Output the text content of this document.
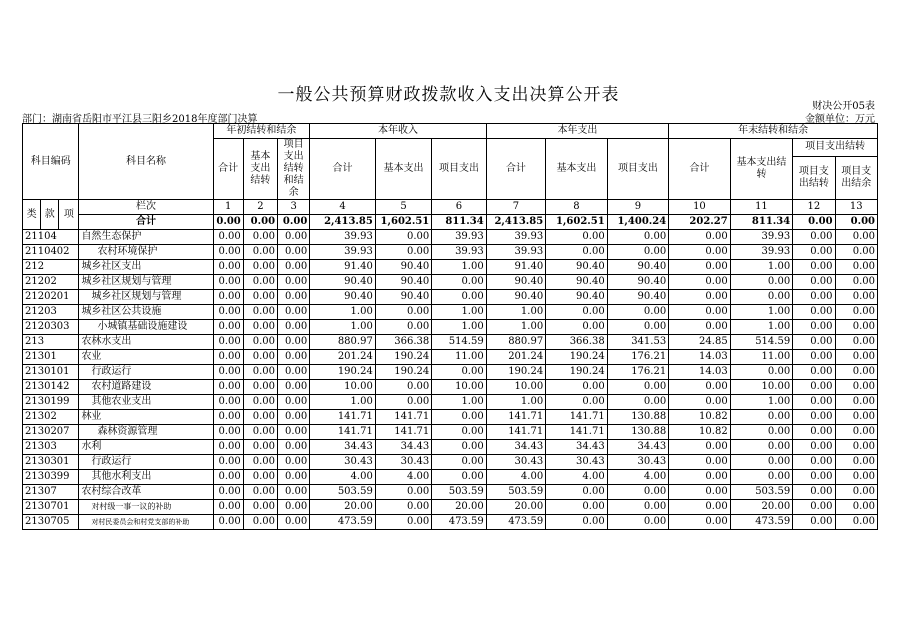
一般公共预算财政拨款收入支出决算公开表
财决公开05表
部门：湖南省岳阳市平江县三阳乡2018年度部门决算	金额单位：万元
科目编码			科目名称	年初结转和结余			本年收入			本年支出			年末结转和结余			
				合计	基本支出结转	项目支出结转和结余	合计	基本支出	项目支出	合计	基本支出	项目支出	合计	基本支出结转	项目支出结转	
															项目支出结转	项目支出结余
类	款	项	栏次	1	2	3	4	5	6	7	8	9	10	11	12	13
			合计	0.00	0.00	0.00	2,413.85	1,602.51	811.34	2,413.85	1,602.51	1,400.24	202.27	811.34	0.00	0.00
21104			自然生态保护	0.00	0.00	0.00	39.93	0.00	39.93	39.93	0.00	0.00	0.00	39.93	0.00	0.00
2110402			农村环境保护	0.00	0.00	0.00	39.93	0.00	39.93	39.93	0.00	0.00	0.00	39.93	0.00	0.00
212			城乡社区支出	0.00	0.00	0.00	91.40	90.40	1.00	91.40	90.40	90.40	0.00	1.00	0.00	0.00
21202			城乡社区规划与管理	0.00	0.00	0.00	90.40	90.40	0.00	90.40	90.40	90.40	0.00	0.00	0.00	0.00
2120201			城乡社区规划与管理	0.00	0.00	0.00	90.40	90.40	0.00	90.40	90.40	90.40	0.00	0.00	0.00	0.00
21203			城乡社区公共设施	0.00	0.00	0.00	1.00	0.00	1.00	1.00	0.00	0.00	0.00	1.00	0.00	0.00
2120303			小城镇基础设施建设	0.00	0.00	0.00	1.00	0.00	1.00	1.00	0.00	0.00	0.00	1.00	0.00	0.00
213			农林水支出	0.00	0.00	0.00	880.97	366.38	514.59	880.97	366.38	341.53	24.85	514.59	0.00	0.00
21301			农业	0.00	0.00	0.00	201.24	190.24	11.00	201.24	190.24	176.21	14.03	11.00	0.00	0.00
2130101			行政运行	0.00	0.00	0.00	190.24	190.24	0.00	190.24	190.24	176.21	14.03	0.00	0.00	0.00
2130142			农村道路建设	0.00	0.00	0.00	10.00	0.00	10.00	10.00	0.00	0.00	0.00	10.00	0.00	0.00
2130199			其他农业支出	0.00	0.00	0.00	1.00	0.00	1.00	1.00	0.00	0.00	0.00	1.00	0.00	0.00
21302			林业	0.00	0.00	0.00	141.71	141.71	0.00	141.71	141.71	130.88	10.82	0.00	0.00	0.00
2130207			森林资源管理	0.00	0.00	0.00	141.71	141.71	0.00	141.71	141.71	130.88	10.82	0.00	0.00	0.00
21303			水利	0.00	0.00	0.00	34.43	34.43	0.00	34.43	34.43	34.43	0.00	0.00	0.00	0.00
2130301			行政运行	0.00	0.00	0.00	30.43	30.43	0.00	30.43	30.43	30.43	0.00	0.00	0.00	0.00
2130399			其他水利支出	0.00	0.00	0.00	4.00	4.00	0.00	4.00	4.00	4.00	0.00	0.00	0.00	0.00
21307			农村综合改革	0.00	0.00	0.00	503.59	0.00	503.59	503.59	0.00	0.00	0.00	503.59	0.00	0.00
2130701			对村级一事一议的补助	0.00	0.00	0.00	20.00	0.00	20.00	20.00	0.00	0.00	0.00	20.00	0.00	0.00
2130705			对村民委员会和村党支部的补助	0.00	0.00	0.00	473.59	0.00	473.59	473.59	0.00	0.00	0.00	473.59	0.00	0.00
